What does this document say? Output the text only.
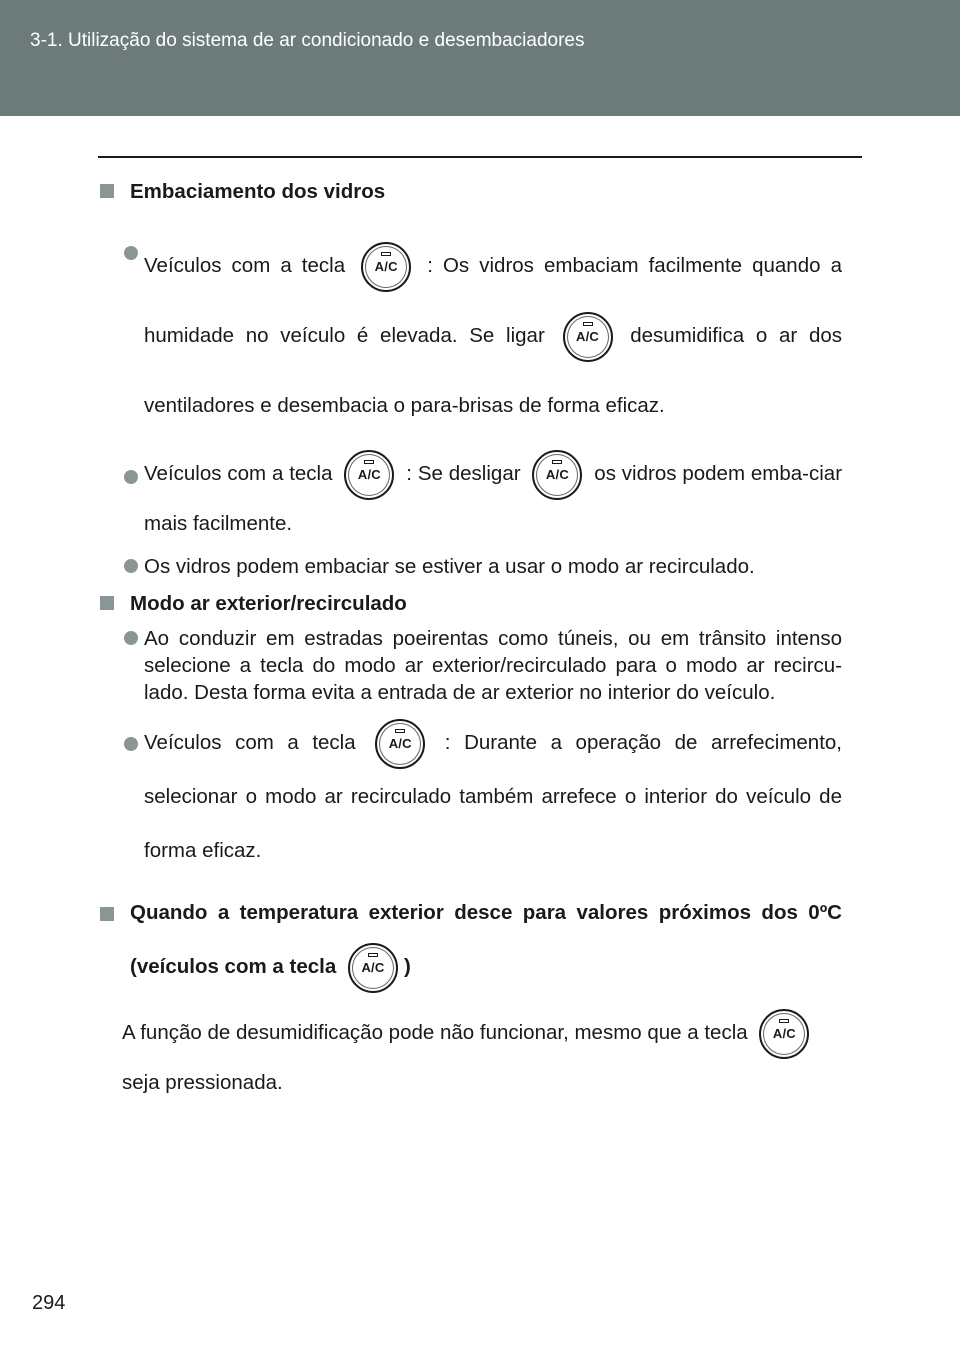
3-1. Utilização do sistema de ar condicionado e desembaciadores
Embaciamento dos vidros
Veículos com a tecla	A/C	: Os vidros embaciam facilmente quando a humidade no veículo é elevada. Se ligar	A/C	desumidifica o ar dos ventiladores e desembacia o para-brisas de forma eficaz.
Veículos com a tecla	A/C	: Se desligar	A/C	os vidros podem emba-ciar mais facilmente.
Os vidros podem embaciar se estiver a usar o modo ar recirculado.
Modo ar exterior/recirculado
Ao conduzir em estradas poeirentas como túneis, ou em trânsito intenso selecione a tecla do modo ar exterior/recirculado para o modo ar recircu-lado. Desta forma evita a entrada de ar exterior no interior do veículo.
Veículos com a tecla	A/C	: Durante a operação de arrefecimento, selecionar o modo ar recirculado também arrefece o interior do veículo de forma eficaz.
Quando a temperatura exterior desce para valores próximos dos 0ºC (veículos com a tecla	A/C )
A função de desumidificação pode não funcionar, mesmo que a tecla	A/C
seja pressionada.
294
